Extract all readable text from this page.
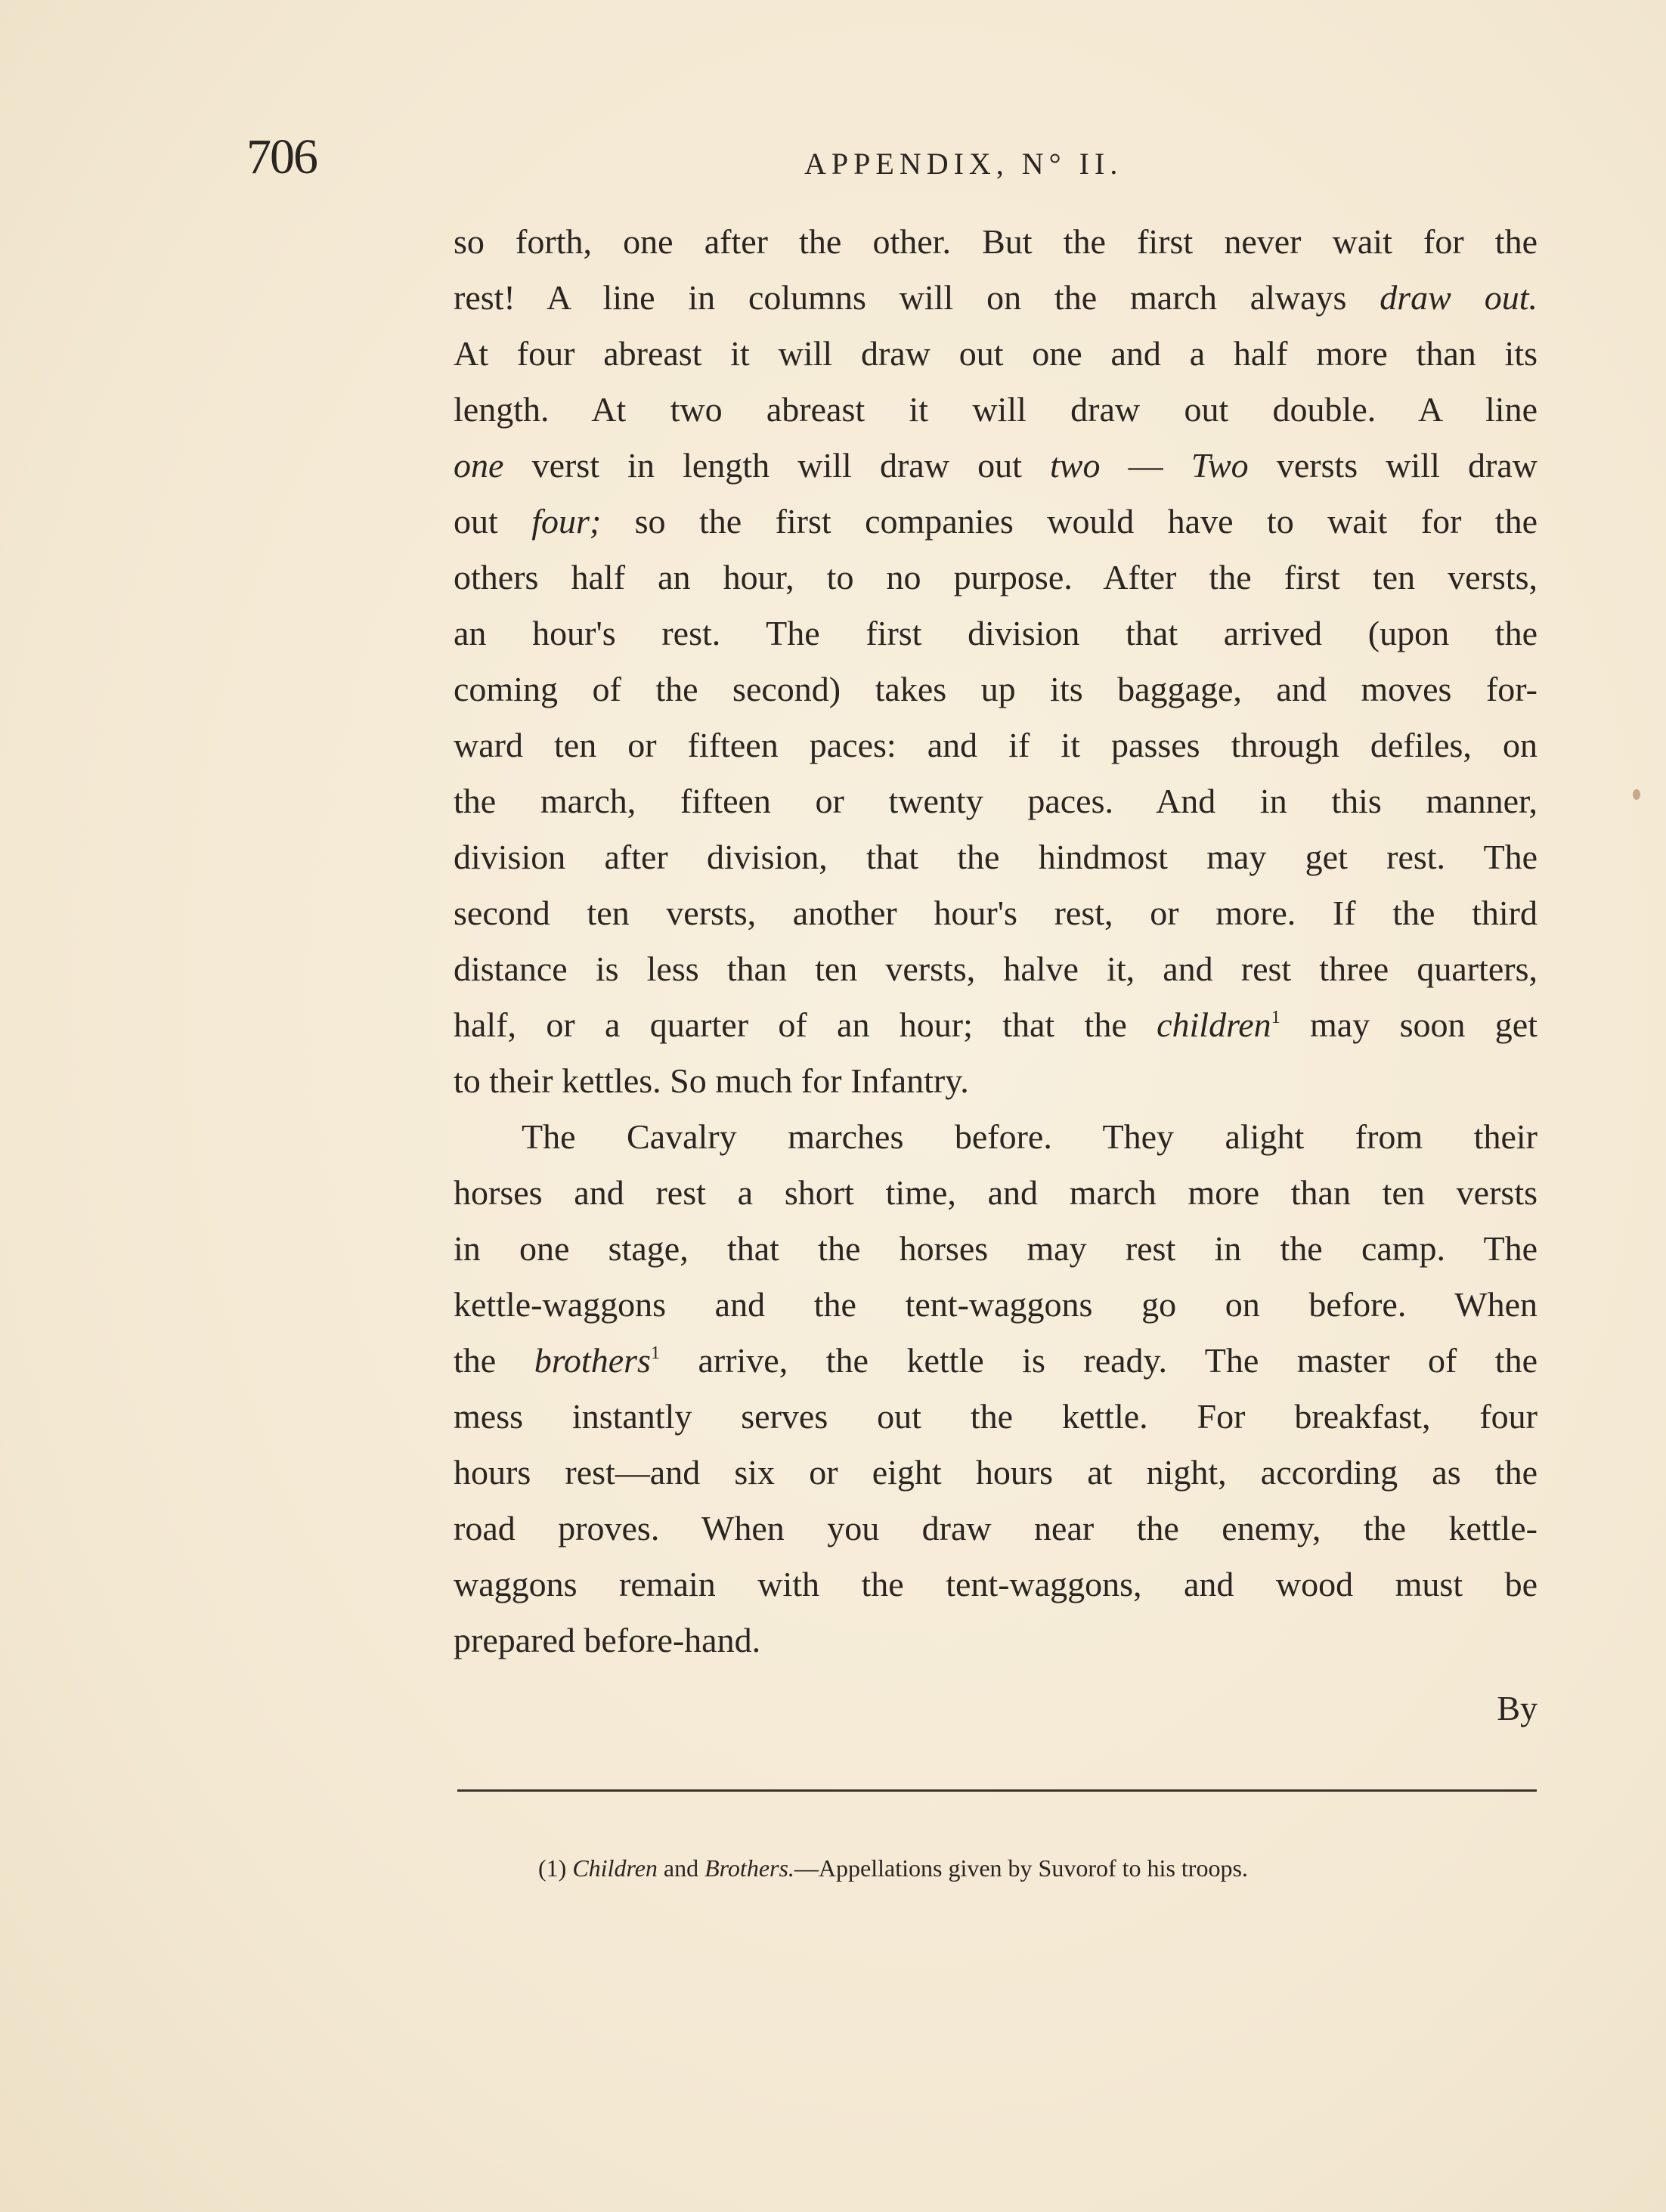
706	APPENDIX, N° II.
so forth, one after the other. But the first never wait for the
rest! A line in columns will on the march always draw out.
At four abreast it will draw out one and a half more than its
length. At two abreast it will draw out double. A line
one verst in length will draw out two — Two versts will draw
out four; so the first companies would have to wait for the
others half an hour, to no purpose. After the first ten versts,
an hour's rest. The first division that arrived (upon the
coming of the second) takes up its baggage, and moves for-
ward ten or fifteen paces: and if it passes through defiles, on
the march, fifteen or twenty paces. And in this manner,
division after division, that the hindmost may get rest. The
second ten versts, another hour's rest, or more. If the third
distance is less than ten versts, halve it, and rest three quarters,
half, or a quarter of an hour; that the children$^1$ may soon get
to their kettles. So much for Infantry.
The Cavalry marches before. They alight from their
horses and rest a short time, and march more than ten versts
in one stage, that the horses may rest in the camp. The
kettle-waggons and the tent-waggons go on before. When
the brothers$^1$ arrive, the kettle is ready. The master of the
mess instantly serves out the kettle. For breakfast, four
hours rest—and six or eight hours at night, according as the
road proves. When you draw near the enemy, the kettle-
waggons remain with the tent-waggons, and wood must be
prepared before-hand.
By
(1) Children and Brothers.—Appellations given by Suvorof to his troops.
